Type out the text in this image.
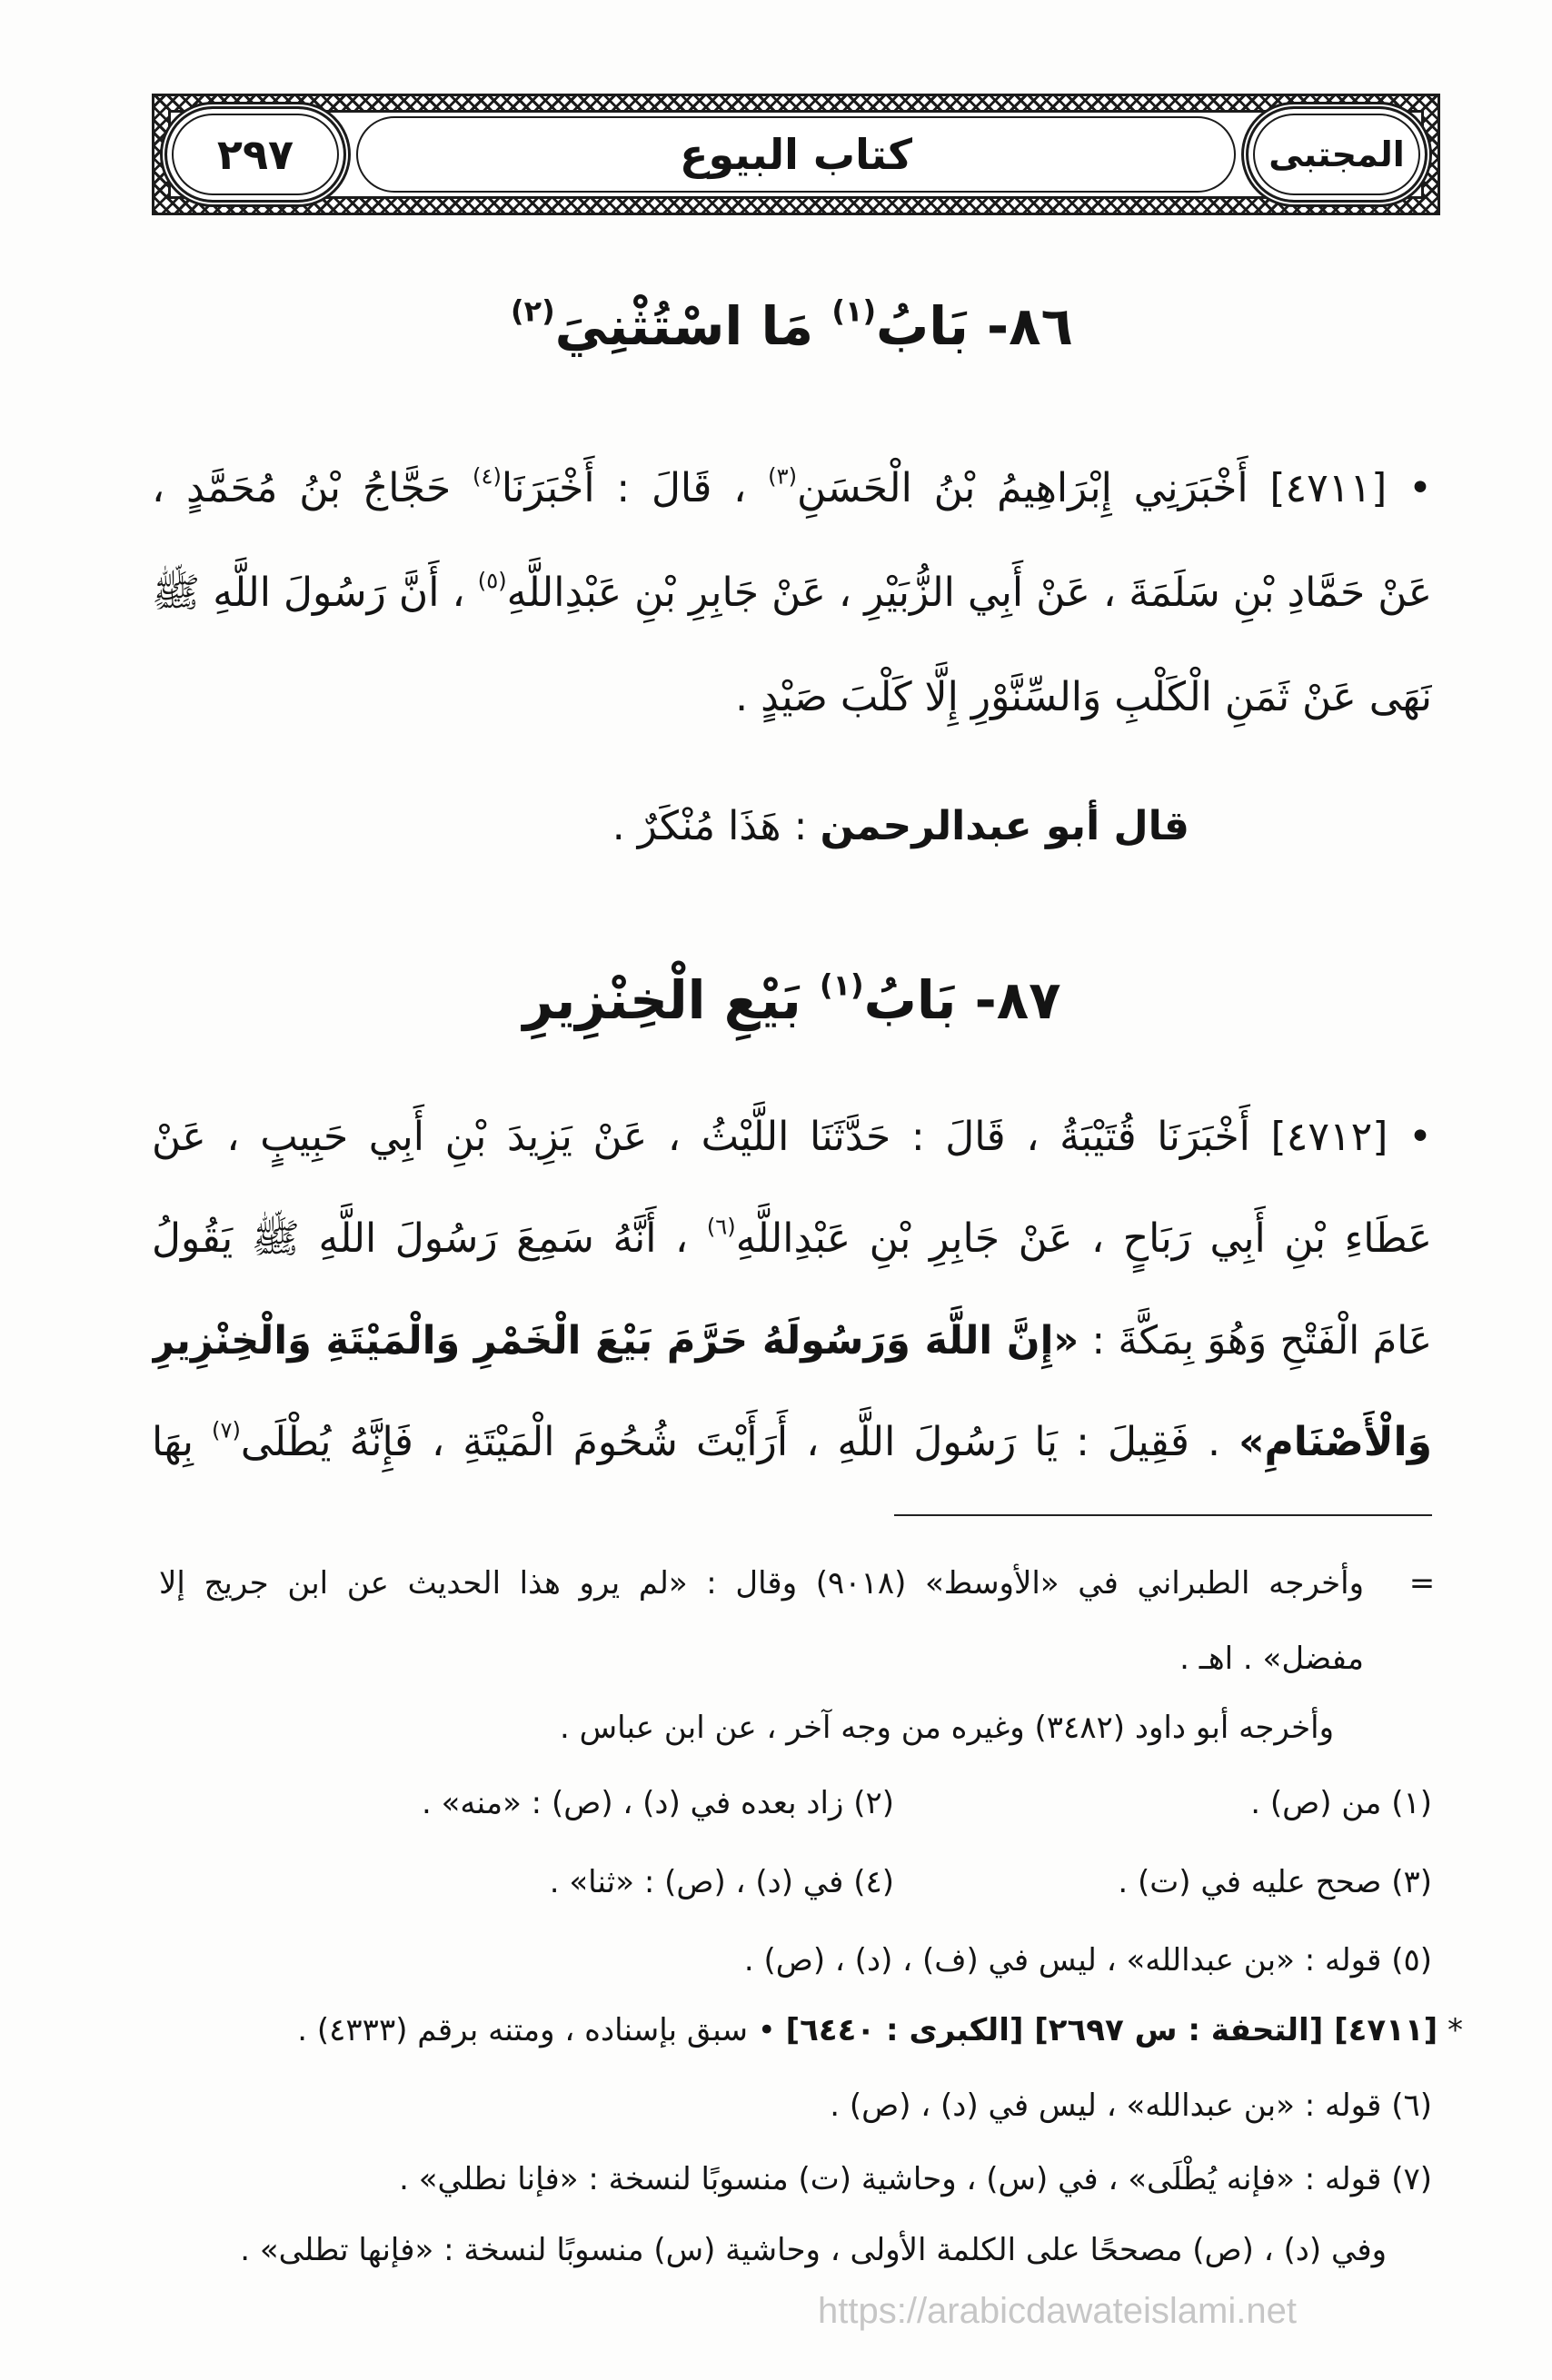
كتاب البيوع
٢٩٧	المجتبى
٨٦- بَابُ$^{(١)}$ مَا اسْتُثْنِيَ$^{(٢)}$
• [٤٧١١] أَخْبَرَنِي إِبْرَاهِيمُ بْنُ الْحَسَنِ$^{(٣)}$ ، قَالَ : أَخْبَرَنَا$^{(٤)}$ حَجَّاجُ بْنُ مُحَمَّدٍ ،
عَنْ حَمَّادِ بْنِ سَلَمَةَ ، عَنْ أَبِي الزُّبَيْرِ ، عَنْ جَابِرِ بْنِ عَبْدِاللَّهِ$^{(٥)}$ ، أَنَّ رَسُولَ اللَّهِ ﷺ
نَهَى عَنْ ثَمَنِ الْكَلْبِ وَالسِّنَّوْرِ إِلَّا كَلْبَ صَيْدٍ .
قال أبو عبدالرحمن : هَذَا مُنْكَرٌ .
٨٧- بَابُ$^{(١)}$ بَيْعِ الْخِنْزِيرِ
• [٤٧١٢] أَخْبَرَنَا قُتَيْبَةُ ، قَالَ : حَدَّثَنَا اللَّيْثُ ، عَنْ يَزِيدَ بْنِ أَبِي حَبِيبٍ ، عَنْ
عَطَاءِ بْنِ أَبِي رَبَاحٍ ، عَنْ جَابِرِ بْنِ عَبْدِاللَّهِ$^{(٦)}$ ، أَنَّهُ سَمِعَ رَسُولَ اللَّهِ ﷺ يَقُولُ
عَامَ الْفَتْحِ وَهُوَ بِمَكَّةَ : «إِنَّ اللَّهَ وَرَسُولَهُ حَرَّمَ بَيْعَ الْخَمْرِ وَالْمَيْتَةِ وَالْخِنْزِيرِ
وَالْأَصْنَامِ» . فَقِيلَ : يَا رَسُولَ اللَّهِ ، أَرَأَيْتَ شُحُومَ الْمَيْتَةِ ، فَإِنَّهُ يُطْلَى$^{(٧)}$ بِهَا
=
وأخرجه الطبراني في «الأوسط» (٩٠١٨) وقال : «لم يرو هذا الحديث عن ابن جريج إلا
مفضل» . اهـ .
وأخرجه أبو داود (٣٤٨٢) وغيره من وجه آخر ، عن ابن عباس .
(١) من (ص) .
(٢) زاد بعده في (د) ، (ص) : «منه» .
(٣) صحح عليه في (ت) .
(٤) في (د) ، (ص) : «ثنا» .
(٥) قوله : «بن عبدالله» ، ليس في (ف) ، (د) ، (ص) .
* [٤٧١١] [التحفة : س ٢٦٩٧] [الكبرى : ٦٤٤٠] • سبق بإسناده ، ومتنه برقم (٤٣٣٣) .
(٦) قوله : «بن عبدالله» ، ليس في (د) ، (ص) .
(٧) قوله : «فإنه يُطْلَى» ، في (س) ، وحاشية (ت) منسوبًا لنسخة : «فإنا نطلي» .
وفي (د) ، (ص) مصححًا على الكلمة الأولى ، وحاشية (س) منسوبًا لنسخة : «فإنها تطلى» .
https://arabicdawateislami.net
